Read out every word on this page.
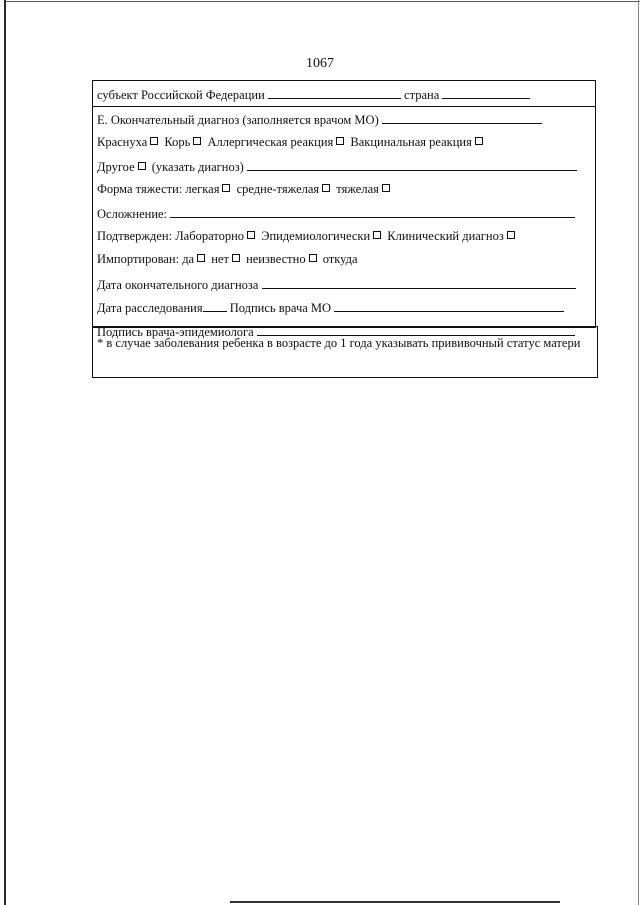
1067
субъект Российской Федерации	страна
Е. Окончательный диагноз (заполняется врачом МО)
Краснуха Корь Аллергическая реакция Вакцинальная реакция
Другое (указать диагноз)
Форма тяжести: легкая средне-тяжелая тяжелая
Осложнение:
Подтвержден: Лабораторно Эпидемиологически Клинический диагноз
Импортирован: да нет неизвестно откуда
Дата окончательного диагноза
Дата расследования Подпись врача МО
Подпись врача-эпидемиолога
* в случае заболевания ребенка в возрасте до 1 года указывать прививочный статус матери
